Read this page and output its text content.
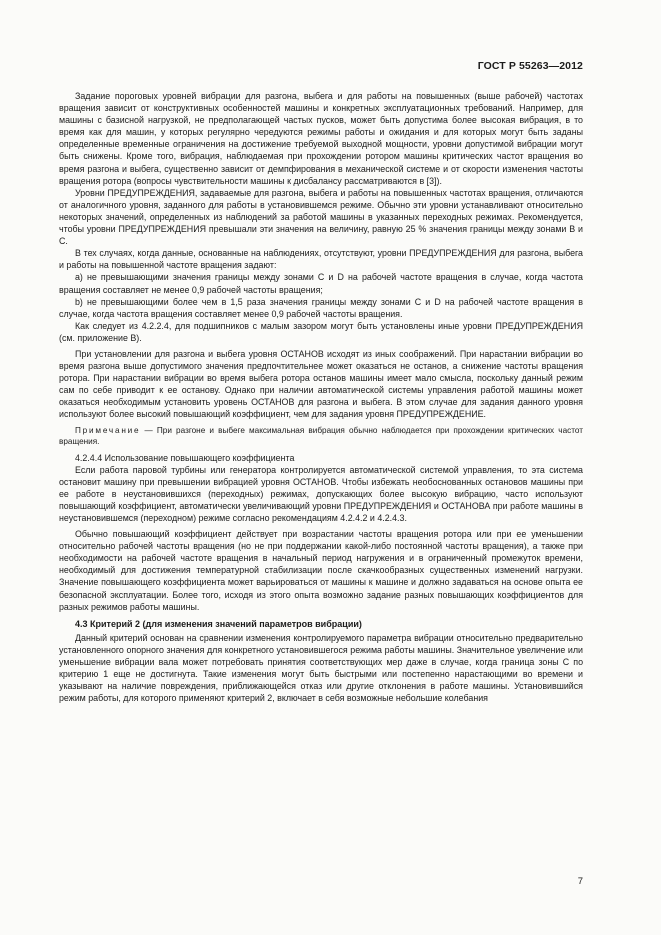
ГОСТ Р 55263—2012

Задание пороговых уровней вибрации для разгона, выбега и для работы на повышенных (выше рабочей) частотах вращения зависит от конструктивных особенностей машины и конкретных эксплуатационных требований. Например, для машины с базисной нагрузкой, не предполагающей частых пусков, может быть допустима более высокая вибрация, в то время как для машин, у которых регулярно чередуются режимы работы и ожидания и для которых могут быть заданы определенные временные ограничения на достижение требуемой выходной мощности, уровни допустимой вибрации могут быть снижены. Кроме того, вибрация, наблюдаемая при прохождении ротором машины критических частот вращения во время разгона и выбега, существенно зависит от демпфирования в механической системе и от скорости изменения частоты вращения ротора (вопросы чувствительности машины к дисбалансу рассматриваются в [3]).

Уровни ПРЕДУПРЕЖДЕНИЯ, задаваемые для разгона, выбега и работы на повышенных частотах вращения, отличаются от аналогичного уровня, заданного для работы в установившемся режиме. Обычно эти уровни устанавливают относительно некоторых значений, определенных из наблюдений за работой машины в указанных переходных режимах. Рекомендуется, чтобы уровни ПРЕДУПРЕЖДЕНИЯ превышали эти значения на величину, равную 25 % значения границы между зонами В и С.

В тех случаях, когда данные, основанные на наблюдениях, отсутствуют, уровни ПРЕДУПРЕЖДЕНИЯ для разгона, выбега и работы на повышенной частоте вращения задают:

а) не превышающими значения границы между зонами С и D на рабочей частоте вращения в случае, когда частота вращения составляет не менее 0,9 рабочей частоты вращения;

b) не превышающими более чем в 1,5 раза значения границы между зонами С и D на рабочей частоте вращения в случае, когда частота вращения составляет менее 0,9 рабочей частоты вращения.

Как следует из 4.2.2.4, для подшипников с малым зазором могут быть установлены иные уровни ПРЕДУПРЕЖДЕНИЯ (см. приложение В).

При установлении для разгона и выбега уровня ОСТАНОВ исходят из иных соображений. При нарастании вибрации во время разгона выше допустимого значения предпочтительнее может оказаться не останов, а снижение частоты вращения ротора. При нарастании вибрации во время выбега ротора останов машины имеет мало смысла, поскольку данный режим сам по себе приводит к ее останову. Однако при наличии автоматической системы управления работой машины может оказаться необходимым установить уровень ОСТАНОВ для разгона и выбега. В этом случае для задания данного уровня используют более высокий повышающий коэффициент, чем для задания уровня ПРЕДУПРЕЖДЕНИЕ.

Примечание — При разгоне и выбеге максимальная вибрация обычно наблюдается при прохождении критических частот вращения.

4.2.4.4 Использование повышающего коэффициента

Если работа паровой турбины или генератора контролируется автоматической системой управления, то эта система остановит машину при превышении вибрацией уровня ОСТАНОВ. Чтобы избежать необоснованных остановов машины при ее работе в неустановившихся (переходных) режимах, допускающих более высокую вибрацию, часто используют повышающий коэффициент, автоматически увеличивающий уровни ПРЕДУПРЕЖДЕНИЯ и ОСТАНОВА при работе машины в неустановившемся (переходном) режиме согласно рекомендациям 4.2.4.2 и 4.2.4.3.

Обычно повышающий коэффициент действует при возрастании частоты вращения ротора или при ее уменьшении относительно рабочей частоты вращения (но не при поддержании какой-либо постоянной частоты вращения), а также при необходимости на рабочей частоте вращения в начальный период нагружения и в ограниченный промежуток времени, необходимый для достижения температурной стабилизации после скачкообразных существенных изменений нагрузки. Значение повышающего коэффициента может варьироваться от машины к машине и должно задаваться на основе опыта ее безопасной эксплуатации. Более того, исходя из этого опыта возможно задание разных повышающих коэффициентов для разных режимов работы машины.

4.3 Критерий 2 (для изменения значений параметров вибрации)

Данный критерий основан на сравнении изменения контролируемого параметра вибрации относительно предварительно установленного опорного значения для конкретного установившегося режима работы машины. Значительное увеличение или уменьшение вибрации вала может потребовать принятия соответствующих мер даже в случае, когда граница зоны С по критерию 1 еще не достигнута. Такие изменения могут быть быстрыми или постепенно нарастающими во времени и указывают на наличие повреждения, приближающейся отказ или другие отклонения в работе машины. Установившийся режим работы, для которого применяют критерий 2, включает в себя возможные небольшие колебания

7
